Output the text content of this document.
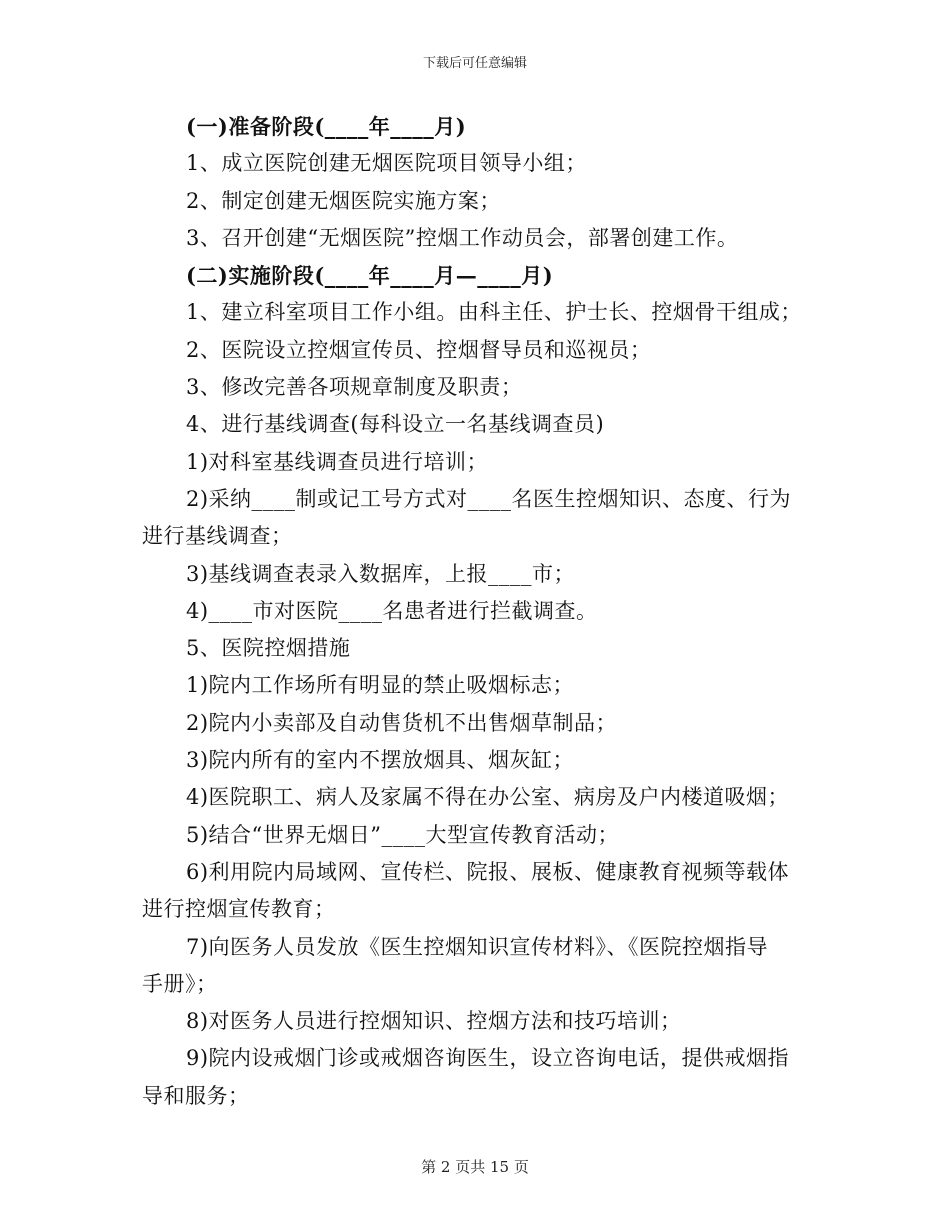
下载后可任意编辑
(一)准备阶段(____年____月)
1、成立医院创建无烟医院项目领导小组；
2、制定创建无烟医院实施方案；
3、召开创建“无烟医院”控烟工作动员会，部署创建工作。
(二)实施阶段(____年____月—____月)
1、建立科室项目工作小组。由科主任、护士长、控烟骨干组成；
2、医院设立控烟宣传员、控烟督导员和巡视员；
3、修改完善各项规章制度及职责；
4、进行基线调查(每科设立一名基线调查员)
1)对科室基线调查员进行培训；
2)采纳____制或记工号方式对____名医生控烟知识、态度、行为
进行基线调查；
3)基线调查表录入数据库，上报____市；
4)____市对医院____名患者进行拦截调查。
5、医院控烟措施
1)院内工作场所有明显的禁止吸烟标志；
2)院内小卖部及自动售货机不出售烟草制品；
3)院内所有的室内不摆放烟具、烟灰缸；
4)医院职工、病人及家属不得在办公室、病房及户内楼道吸烟；
5)结合“世界无烟日”____大型宣传教育活动；
6)利用院内局域网、宣传栏、院报、展板、健康教育视频等载体
进行控烟宣传教育；
7)向医务人员发放《医生控烟知识宣传材料》、《医院控烟指导
手册》；
8)对医务人员进行控烟知识、控烟方法和技巧培训；
9)院内设戒烟门诊或戒烟咨询医生，设立咨询电话，提供戒烟指
导和服务；
第 2 页共 15 页
